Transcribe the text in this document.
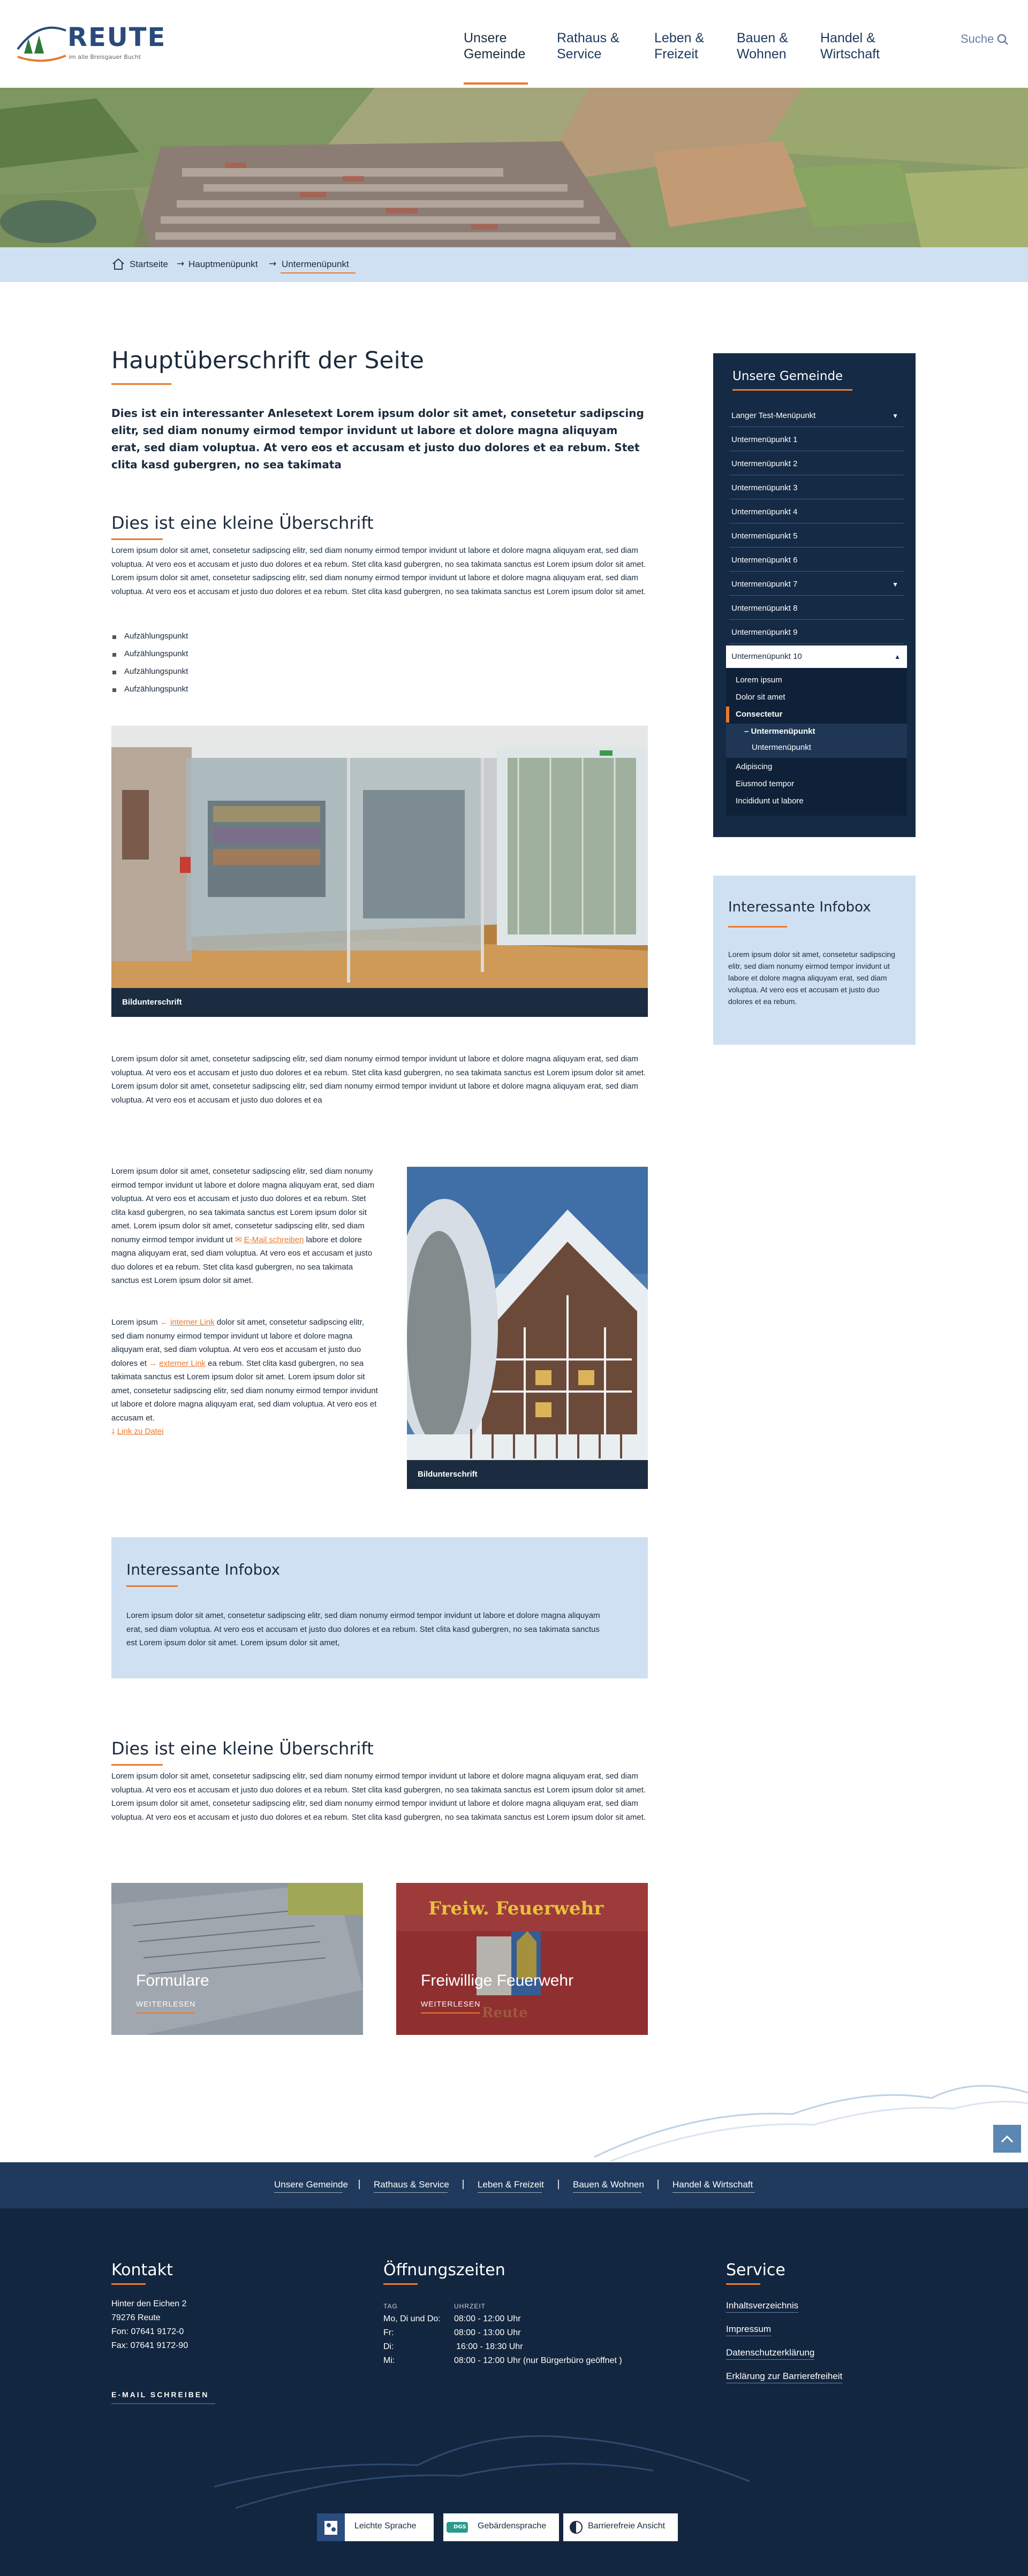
REUTE
im alle Breisgauer Bucht
Unsere
Gemeinde
Rathaus &
Service
Leben &
Freizeit
Bauen &
Wohnen
Handel &
Wirtschaft
Suche
Startseite → Hauptmenüpunkt → Untermenüpunkt
Hauptüberschrift der Seite
Dies ist ein interessanter Anlesetext Lorem ipsum dolor sit amet, consetetur sadipscing elitr, sed diam nonumy eirmod tempor invidunt ut labore et dolore magna aliquyam erat, sed diam voluptua. At vero eos et accusam et justo duo dolores et ea rebum. Stet clita kasd gubergren, no sea takimata
Dies ist eine kleine Überschrift
Lorem ipsum dolor sit amet, consetetur sadipscing elitr, sed diam nonumy eirmod tempor invidunt ut labore et dolore magna aliquyam erat, sed diam voluptua. At vero eos et accusam et justo duo dolores et ea rebum. Stet clita kasd gubergren, no sea takimata sanctus est Lorem ipsum dolor sit amet. Lorem ipsum dolor sit amet, consetetur sadipscing elitr, sed diam nonumy eirmod tempor invidunt ut labore et dolore magna aliquyam erat, sed diam voluptua. At vero eos et accusam et justo duo dolores et ea rebum. Stet clita kasd gubergren, no sea takimata sanctus est Lorem ipsum dolor sit amet.
Aufzählungspunkt
Aufzählungspunkt
Aufzählungspunkt
Aufzählungspunkt
Bildunterschrift
Lorem ipsum dolor sit amet, consetetur sadipscing elitr, sed diam nonumy eirmod tempor invidunt ut labore et dolore magna aliquyam erat, sed diam voluptua. At vero eos et accusam et justo duo dolores et ea rebum. Stet clita kasd gubergren, no sea takimata sanctus est Lorem ipsum dolor sit amet. Lorem ipsum dolor sit amet, consetetur sadipscing elitr, sed diam nonumy eirmod tempor invidunt ut labore et dolore magna aliquyam erat, sed diam voluptua. At vero eos et accusam et justo duo dolores et ea
Lorem ipsum dolor sit amet, consetetur sadipscing elitr, sed diam nonumy eirmod tempor invidunt ut labore et dolore magna aliquyam erat, sed diam voluptua. At vero eos et accusam et justo duo dolores et ea rebum. Stet clita kasd gubergren, no sea takimata sanctus est Lorem ipsum dolor sit amet. Lorem ipsum dolor sit amet, consetetur sadipscing elitr, sed diam nonumy eirmod tempor invidunt ut ✉ E-Mail schreiben labore et dolore magna aliquyam erat, sed diam voluptua. At vero eos et accusam et justo duo dolores et ea rebum. Stet clita kasd gubergren, no sea takimata sanctus est Lorem ipsum dolor sit amet.
Lorem ipsum ← interner Link dolor sit amet, consetetur sadipscing elitr, sed diam nonumy eirmod tempor invidunt ut labore et dolore magna aliquyam erat, sed diam voluptua. At vero eos et accusam et justo duo dolores et → externer Link ea rebum. Stet clita kasd gubergren, no sea takimata sanctus est Lorem ipsum dolor sit amet. Lorem ipsum dolor sit amet, consetetur sadipscing elitr, sed diam nonumy eirmod tempor invidunt ut labore et dolore magna aliquyam erat, sed diam voluptua. At vero eos et accusam et.
⤓ Link zu Datei
Bildunterschrift
Interessante Infobox
Lorem ipsum dolor sit amet, consetetur sadipscing elitr, sed diam nonumy eirmod tempor invidunt ut labore et dolore magna aliquyam erat, sed diam voluptua. At vero eos et accusam et justo duo dolores et ea rebum. Stet clita kasd gubergren, no sea takimata sanctus est Lorem ipsum dolor sit amet. Lorem ipsum dolor sit amet,
Dies ist eine kleine Überschrift
Lorem ipsum dolor sit amet, consetetur sadipscing elitr, sed diam nonumy eirmod tempor invidunt ut labore et dolore magna aliquyam erat, sed diam voluptua. At vero eos et accusam et justo duo dolores et ea rebum. Stet clita kasd gubergren, no sea takimata sanctus est Lorem ipsum dolor sit amet. Lorem ipsum dolor sit amet, consetetur sadipscing elitr, sed diam nonumy eirmod tempor invidunt ut labore et dolore magna aliquyam erat, sed diam voluptua. At vero eos et accusam et justo duo dolores et ea rebum. Stet clita kasd gubergren, no sea takimata sanctus est Lorem ipsum dolor sit amet.
Formulare
WEITERLESEN
Freiw. Feuerwehr
Reute
Freiwillige Feuerwehr
WEITERLESEN
Unsere Gemeinde
Langer Test-Menüpunkt	▼
Untermenüpunkt 1
Untermenüpunkt 2
Untermenüpunkt 3
Untermenüpunkt 4
Untermenüpunkt 5
Untermenüpunkt 6
Untermenüpunkt 7	▼
Untermenüpunkt 8
Untermenüpunkt 9
Untermenüpunkt 10	▲
Lorem ipsum
Dolor sit amet
Consectetur
– Untermenüpunkt
Untermenüpunkt
Adipiscing
Eiusmod tempor
Incididunt ut labore
Interessante Infobox
Lorem ipsum dolor sit amet, consetetur sadipscing elitr, sed diam nonumy eirmod tempor invidunt ut labore et dolore magna aliquyam erat, sed diam voluptua. At vero eos et accusam et justo duo dolores et ea rebum.
Unsere Gemeinde | Rathaus & Service | Leben & Freizeit | Bauen & Wohnen | Handel & Wirtschaft
Kontakt
Hinter den Eichen 2
79276 Reute
Fon: 07641 9172-0
Fax: 07641 9172-90
E-MAIL SCHREIBEN
Öffnungszeiten
TAG	UHRZEIT
Mo, Di und Do: 08:00 - 12:00 Uhr
Fr:	08:00 - 13:00 Uhr
Di:	16:00 - 18:30 Uhr
Mi:	08:00 - 12:00 Uhr (nur Bürgerbüro geöffnet )
Service
Inhaltsverzeichnis
Impressum
Datenschutzerklärung
Erklärung zur Barrierefreiheit
Leichte Sprache	DGS Gebärdensprache	Barrierefreie Ansicht
